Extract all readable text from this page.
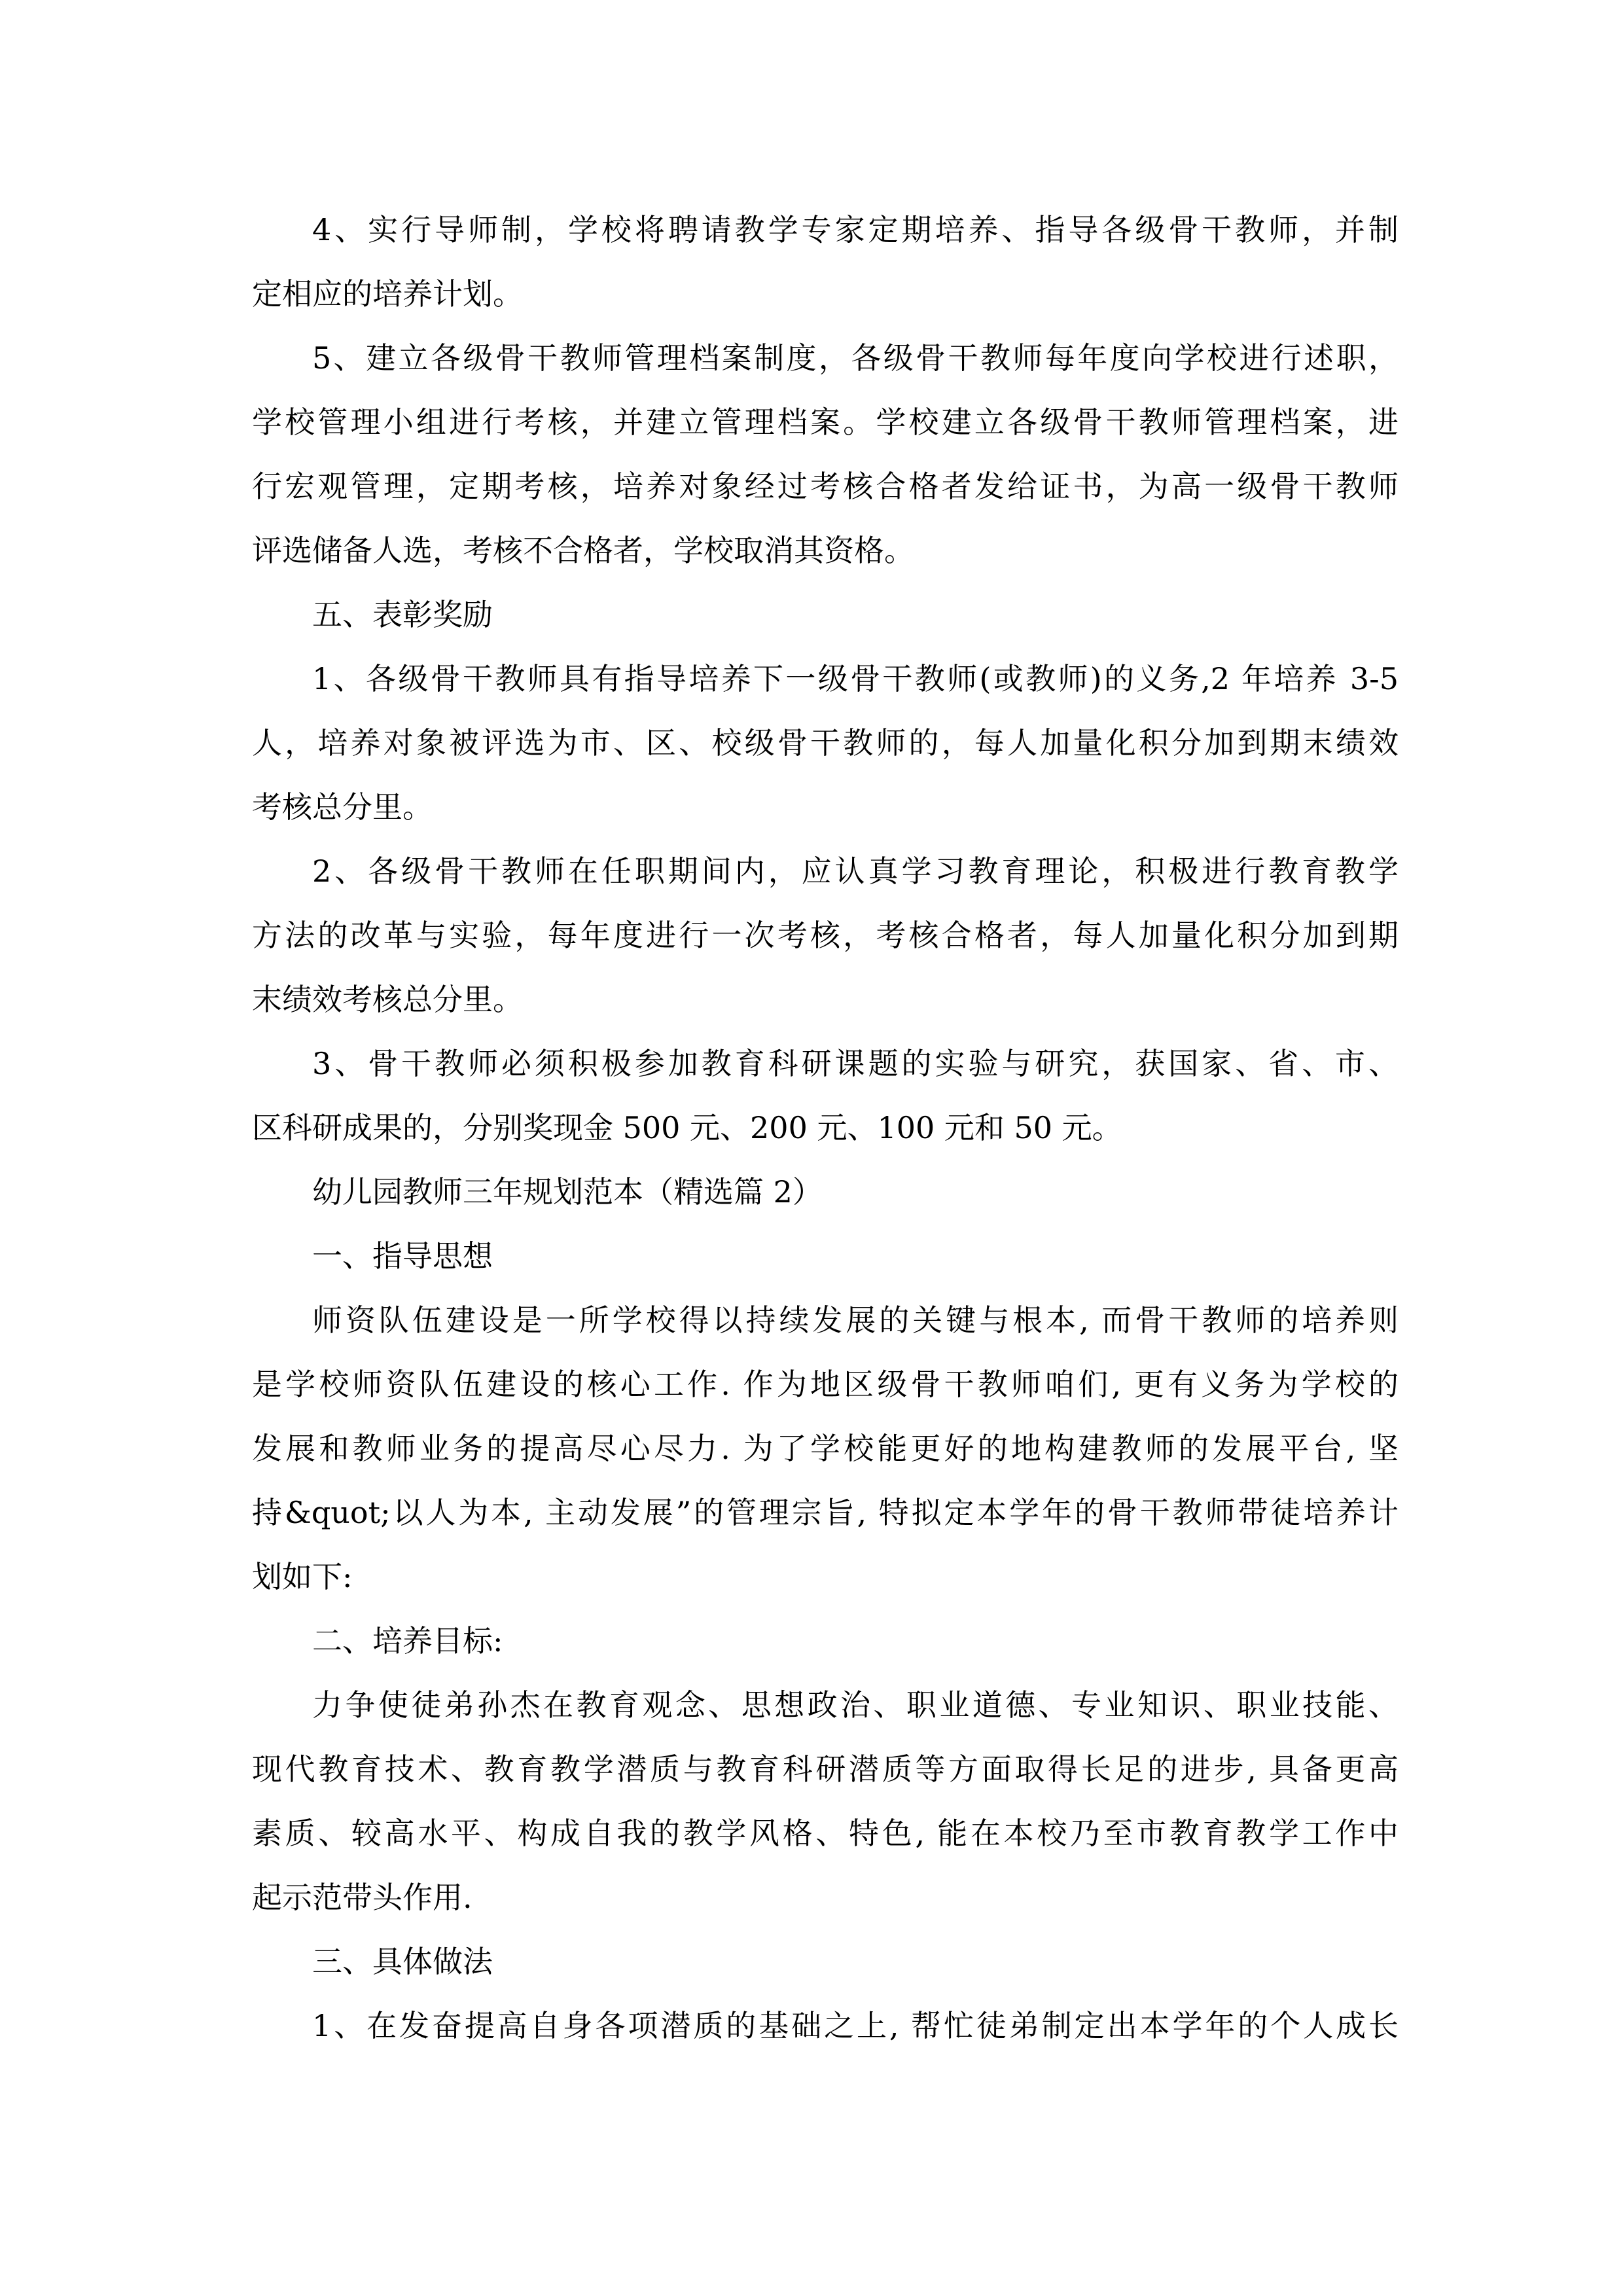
4、实行导师制，学校将聘请教学专家定期培养、指导各级骨干教师，并制
定相应的培养计划。
5、建立各级骨干教师管理档案制度，各级骨干教师每年度向学校进行述职，
学校管理小组进行考核，并建立管理档案。学校建立各级骨干教师管理档案，进
行宏观管理，定期考核，培养对象经过考核合格者发给证书，为高一级骨干教师
评选储备人选，考核不合格者，学校取消其资格。
五、表彰奖励
1、各级骨干教师具有指导培养下一级骨干教师(或教师)的义务,2 年培养 3-5
人，培养对象被评选为市、区、校级骨干教师的，每人加量化积分加到期末绩效
考核总分里。
2、各级骨干教师在任职期间内，应认真学习教育理论，积极进行教育教学
方法的改革与实验，每年度进行一次考核，考核合格者，每人加量化积分加到期
末绩效考核总分里。
3、骨干教师必须积极参加教育科研课题的实验与研究，获国家、省、市、
区科研成果的，分别奖现金 500 元、200 元、100 元和 50 元。
幼儿园教师三年规划范本（精选篇 2）
一、指导思想
师资队伍建设是一所学校得以持续发展的关键与根本, 而骨干教师的培养则
是学校师资队伍建设的核心工作. 作为地区级骨干教师咱们, 更有义务为学校的
发展和教师业务的提高尽心尽力. 为了学校能更好的地构建教师的发展平台, 坚
持&quot;以人为本, 主动发展”的管理宗旨, 特拟定本学年的骨干教师带徒培养计
划如下:
二、培养目标:
力争使徒弟孙杰在教育观念、思想政治、职业道德、专业知识、职业技能、
现代教育技术、教育教学潜质与教育科研潜质等方面取得长足的进步, 具备更高
素质、较高水平、构成自我的教学风格、特色, 能在本校乃至市教育教学工作中
起示范带头作用.
三、具体做法
1、在发奋提高自身各项潜质的基础之上, 帮忙徒弟制定出本学年的个人成长
